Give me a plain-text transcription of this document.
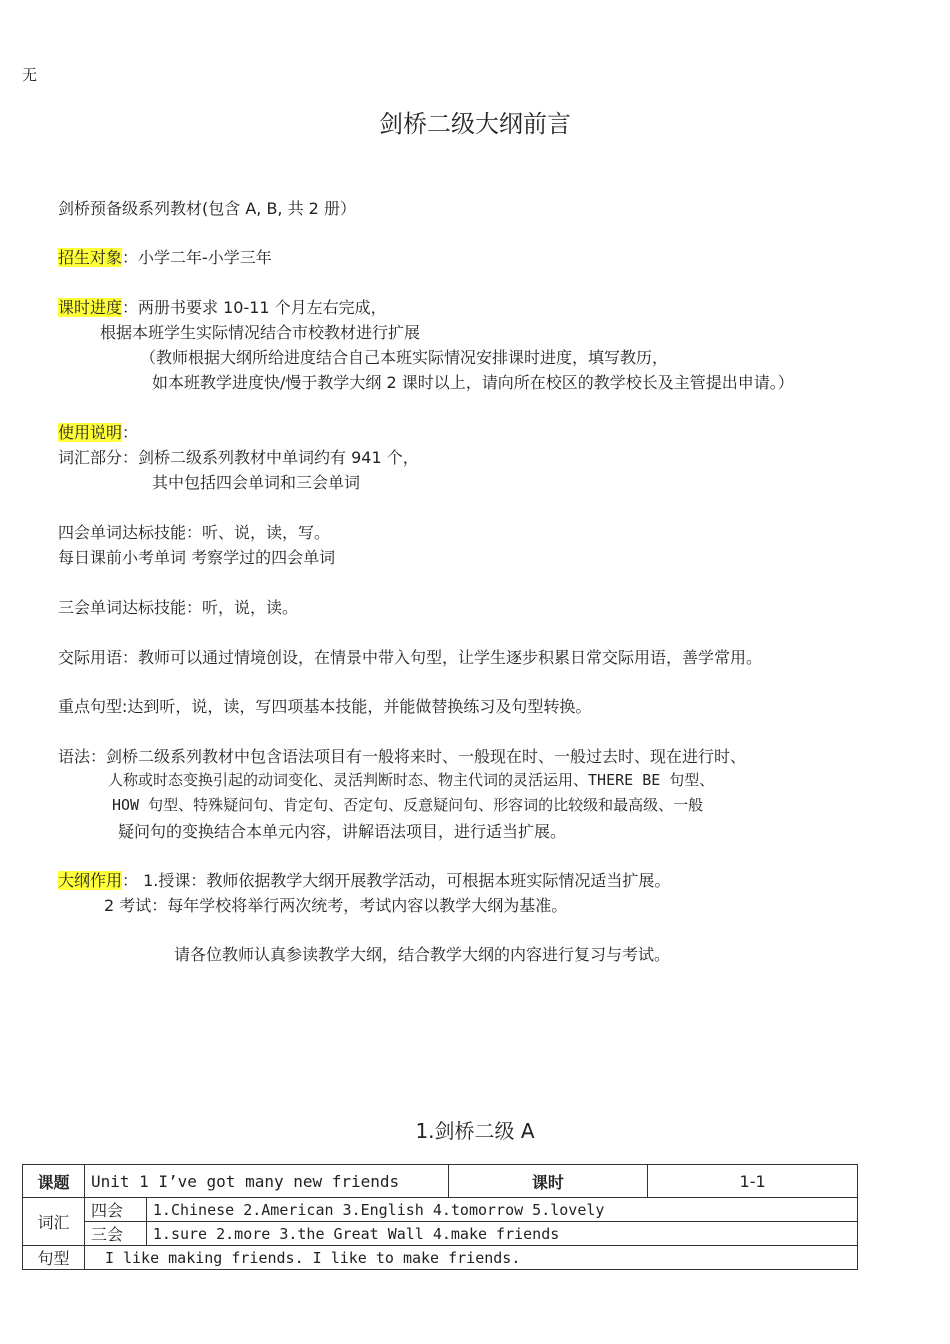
无
剑桥二级大纲前言
剑桥预备级系列教材(包含 A, B, 共 2 册）
招生对象：小学二年-小学三年
课时进度：两册书要求 10-11 个月左右完成，
根据本班学生实际情况结合市校教材进行扩展
（教师根据大纲所给进度结合自己本班实际情况安排课时进度，填写教历，
如本班教学进度快/慢于教学大纲 2 课时以上，请向所在校区的教学校长及主管提出申请。）
使用说明：
词汇部分：剑桥二级系列教材中单词约有 941 个，
其中包括四会单词和三会单词
四会单词达标技能：听、说，读，写。
每日课前小考单词 考察学过的四会单词
三会单词达标技能：听，说，读。
交际用语：教师可以通过情境创设，在情景中带入句型，让学生逐步积累日常交际用语，善学常用。
重点句型:达到听，说，读，写四项基本技能，并能做替换练习及句型转换。
语法：剑桥二级系列教材中包含语法项目有一般将来时、一般现在时、一般过去时、现在进行时、
人称或时态变换引起的动词变化、灵活判断时态、物主代词的灵活运用、THERE BE 句型、
HOW 句型、特殊疑问句、肯定句、否定句、反意疑问句、形容词的比较级和最高级、一般
疑问句的变换结合本单元内容，讲解语法项目，进行适当扩展。
大纲作用： 1.授课：教师依据教学大纲开展教学活动，可根据本班实际情况适当扩展。
2 考试：每年学校将举行两次统考，考试内容以教学大纲为基准。
请各位教师认真参读教学大纲，结合教学大纲的内容进行复习与考试。
1.剑桥二级 A
课题	Unit 1 I’ve got many new friends		课时	1-1
词汇	四会	1.Chinese 2.American 3.English 4.tomorrow 5.lovely		
	三会	1.sure 2.more 3.the Great Wall 4.make friends		
句型	I like making friends. I like to make friends.			
